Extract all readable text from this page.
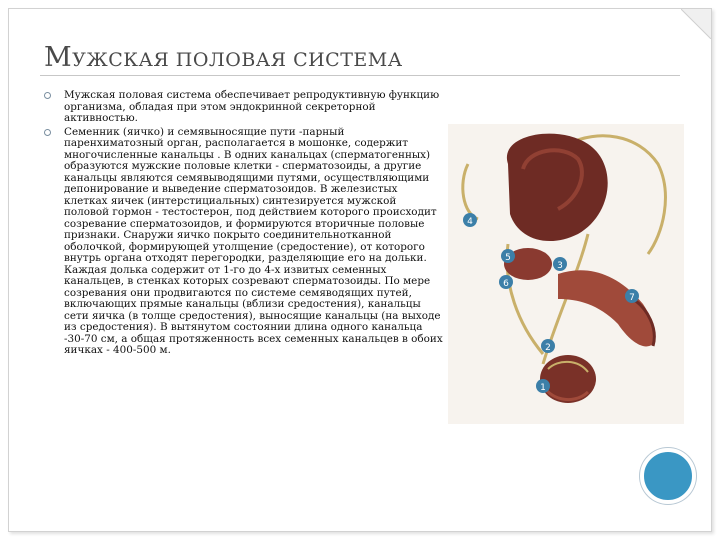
МУЖСКАЯ ПОЛОВАЯ СИСТЕМА
Мужская половая система обеспечивает репродуктивную функцию организма, обладая при этом эндокринной секреторной активностью.
Семенник (яичко) и семявыносящие пути -парный паренхиматозный орган, располагается в мошонке, содержит многочисленные канальцы . В одних канальцах (сперматогенных) образуются мужские половые клетки - сперматозоиды, а другие канальцы являются семявыводящими путями, осуществляющими депонирование и выведение сперматозоидов. В железистых клетках яичек (интерстициальных) синтезируется мужской половой гормон - тестостерон, под действием которого происходит созревание сперматозоидов, и формируются вторичные половые признаки. Снаружи яичко покрыто соединительнотканной оболочкой, формирующей утолщение (средостение), от которого внутрь органа отходят перегородки, разделяющие его на дольки. Каждая долька содержит от 1-го до 4-х извитых семенных канальцев, в стенках которых созревают сперматозоиды. По мере созревания они продвигаются по системе семяводящих путей, включающих прямые канальцы (вблизи средостения), канальцы сети яичка (в толще средостения), выносящие канальцы (на выходе из средостения). В вытянутом состоянии длина одного канальца -30-70 см, а общая протяженность всех семенных канальцев в обоих яичках - 400-500 м.
1
2
3
4
5
6
7
